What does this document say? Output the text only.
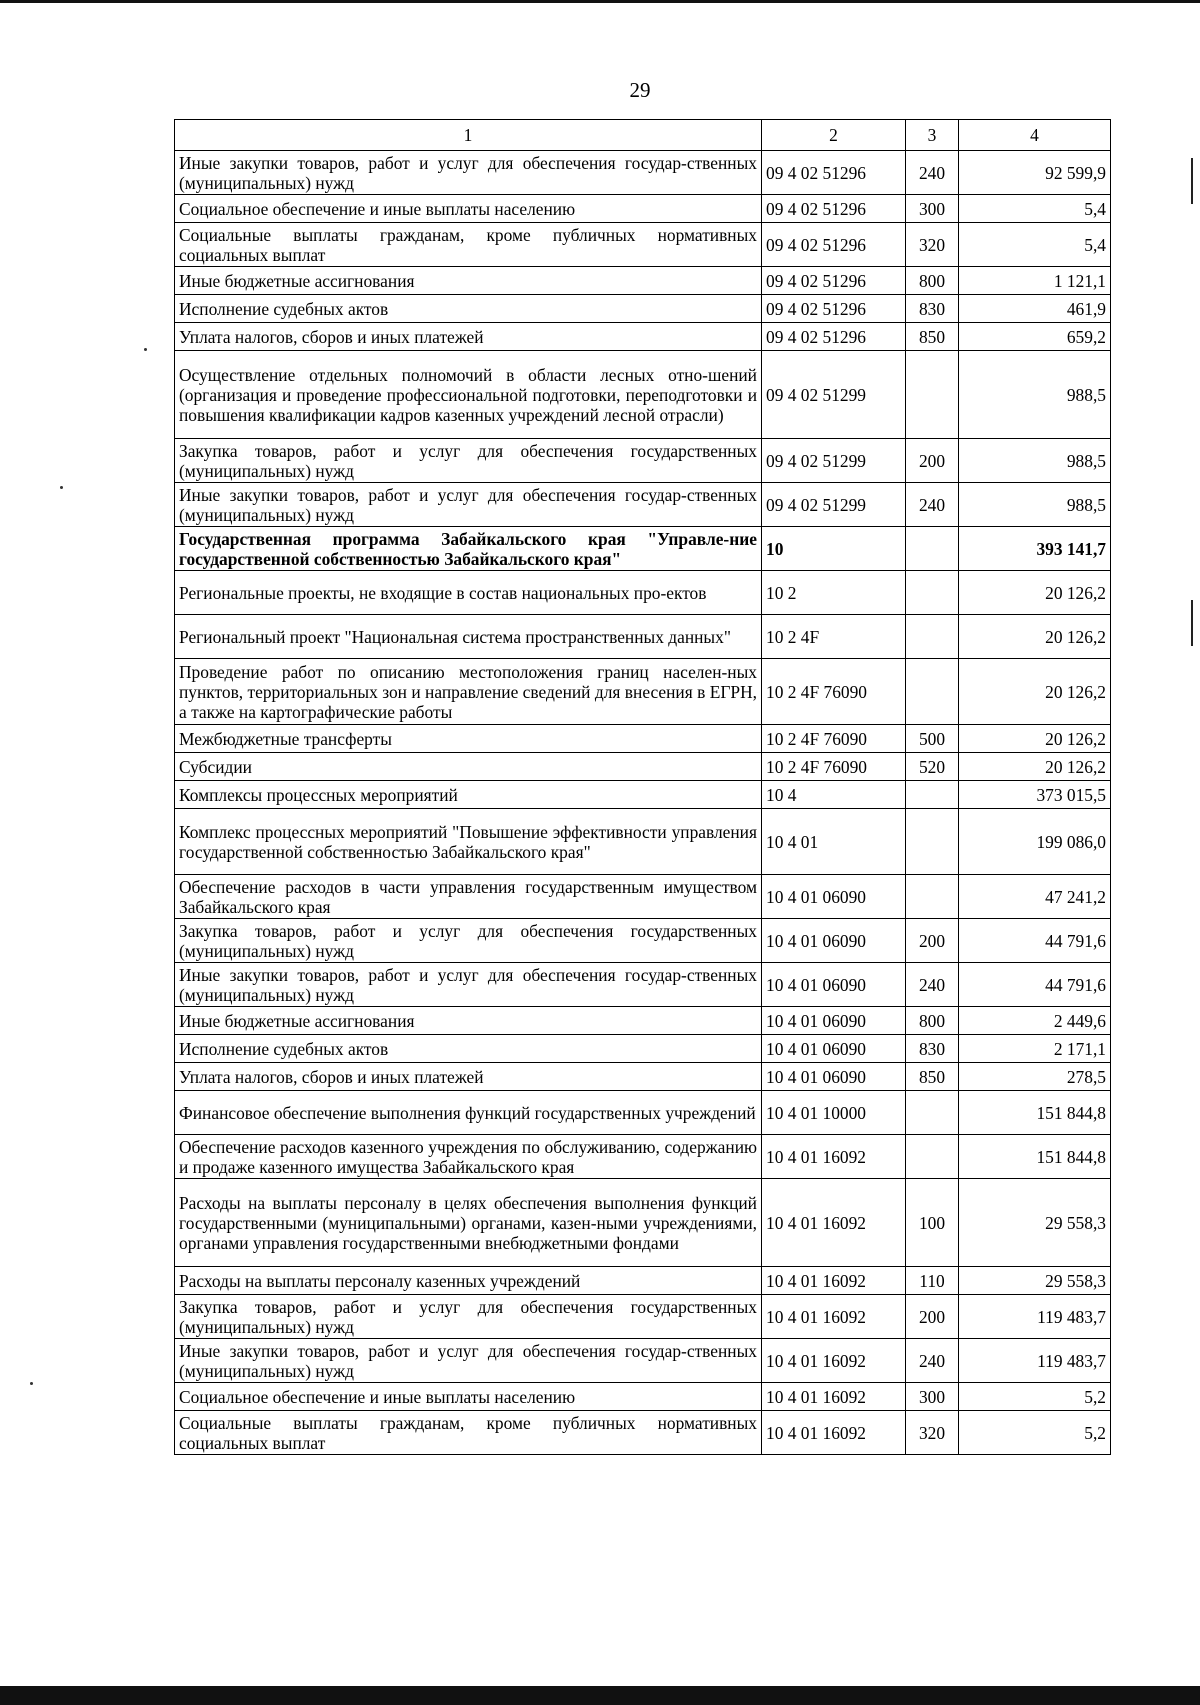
29
1	2	3	4
Иные закупки товаров, работ и услуг для обеспечения государ-ственных (муниципальных) нужд	09 4 02 51296	240	92 599,9
Социальное обеспечение и иные выплаты населению	09 4 02 51296	300	5,4
Социальные выплаты гражданам, кроме публичных нормативных социальных выплат	09 4 02 51296	320	5,4
Иные бюджетные ассигнования	09 4 02 51296	800	1 121,1
Исполнение судебных актов	09 4 02 51296	830	461,9
Уплата налогов, сборов и иных платежей	09 4 02 51296	850	659,2
Осуществление отдельных полномочий в области лесных отно-шений (организация и проведение профессиональной подготовки, переподготовки и повышения квалификации кадров казенных учреждений лесной отрасли)	09 4 02 51299		988,5
Закупка товаров, работ и услуг для обеспечения государственных (муниципальных) нужд	09 4 02 51299	200	988,5
Иные закупки товаров, работ и услуг для обеспечения государ-ственных (муниципальных) нужд	09 4 02 51299	240	988,5
Государственная программа Забайкальского края "Управле-ние государственной собственностью Забайкальского края"	10		393 141,7
Региональные проекты, не входящие в состав национальных про-ектов	10 2		20 126,2
Региональный проект "Национальная система пространственных данных"	10 2 4F		20 126,2
Проведение работ по описанию местоположения границ населен-ных пунктов, территориальных зон и направление сведений для внесения в ЕГРН, а также на картографические работы	10 2 4F 76090		20 126,2
Межбюджетные трансферты	10 2 4F 76090	500	20 126,2
Субсидии	10 2 4F 76090	520	20 126,2
Комплексы процессных мероприятий	10 4		373 015,5
Комплекс процессных мероприятий "Повышение эффективности управления государственной собственностью Забайкальского края"	10 4 01		199 086,0
Обеспечение расходов в части управления государственным имуществом Забайкальского края	10 4 01 06090		47 241,2
Закупка товаров, работ и услуг для обеспечения государственных (муниципальных) нужд	10 4 01 06090	200	44 791,6
Иные закупки товаров, работ и услуг для обеспечения государ-ственных (муниципальных) нужд	10 4 01 06090	240	44 791,6
Иные бюджетные ассигнования	10 4 01 06090	800	2 449,6
Исполнение судебных актов	10 4 01 06090	830	2 171,1
Уплата налогов, сборов и иных платежей	10 4 01 06090	850	278,5
Финансовое обеспечение выполнения функций государственных учреждений	10 4 01 10000		151 844,8
Обеспечение расходов казенного учреждения по обслуживанию, содержанию и продаже казенного имущества Забайкальского края	10 4 01 16092		151 844,8
Расходы на выплаты персоналу в целях обеспечения выполнения функций государственными (муниципальными) органами, казен-ными учреждениями, органами управления государственными внебюджетными фондами	10 4 01 16092	100	29 558,3
Расходы на выплаты персоналу казенных учреждений	10 4 01 16092	110	29 558,3
Закупка товаров, работ и услуг для обеспечения государственных (муниципальных) нужд	10 4 01 16092	200	119 483,7
Иные закупки товаров, работ и услуг для обеспечения государ-ственных (муниципальных) нужд	10 4 01 16092	240	119 483,7
Социальное обеспечение и иные выплаты населению	10 4 01 16092	300	5,2
Социальные выплаты гражданам, кроме публичных нормативных социальных выплат	10 4 01 16092	320	5,2
